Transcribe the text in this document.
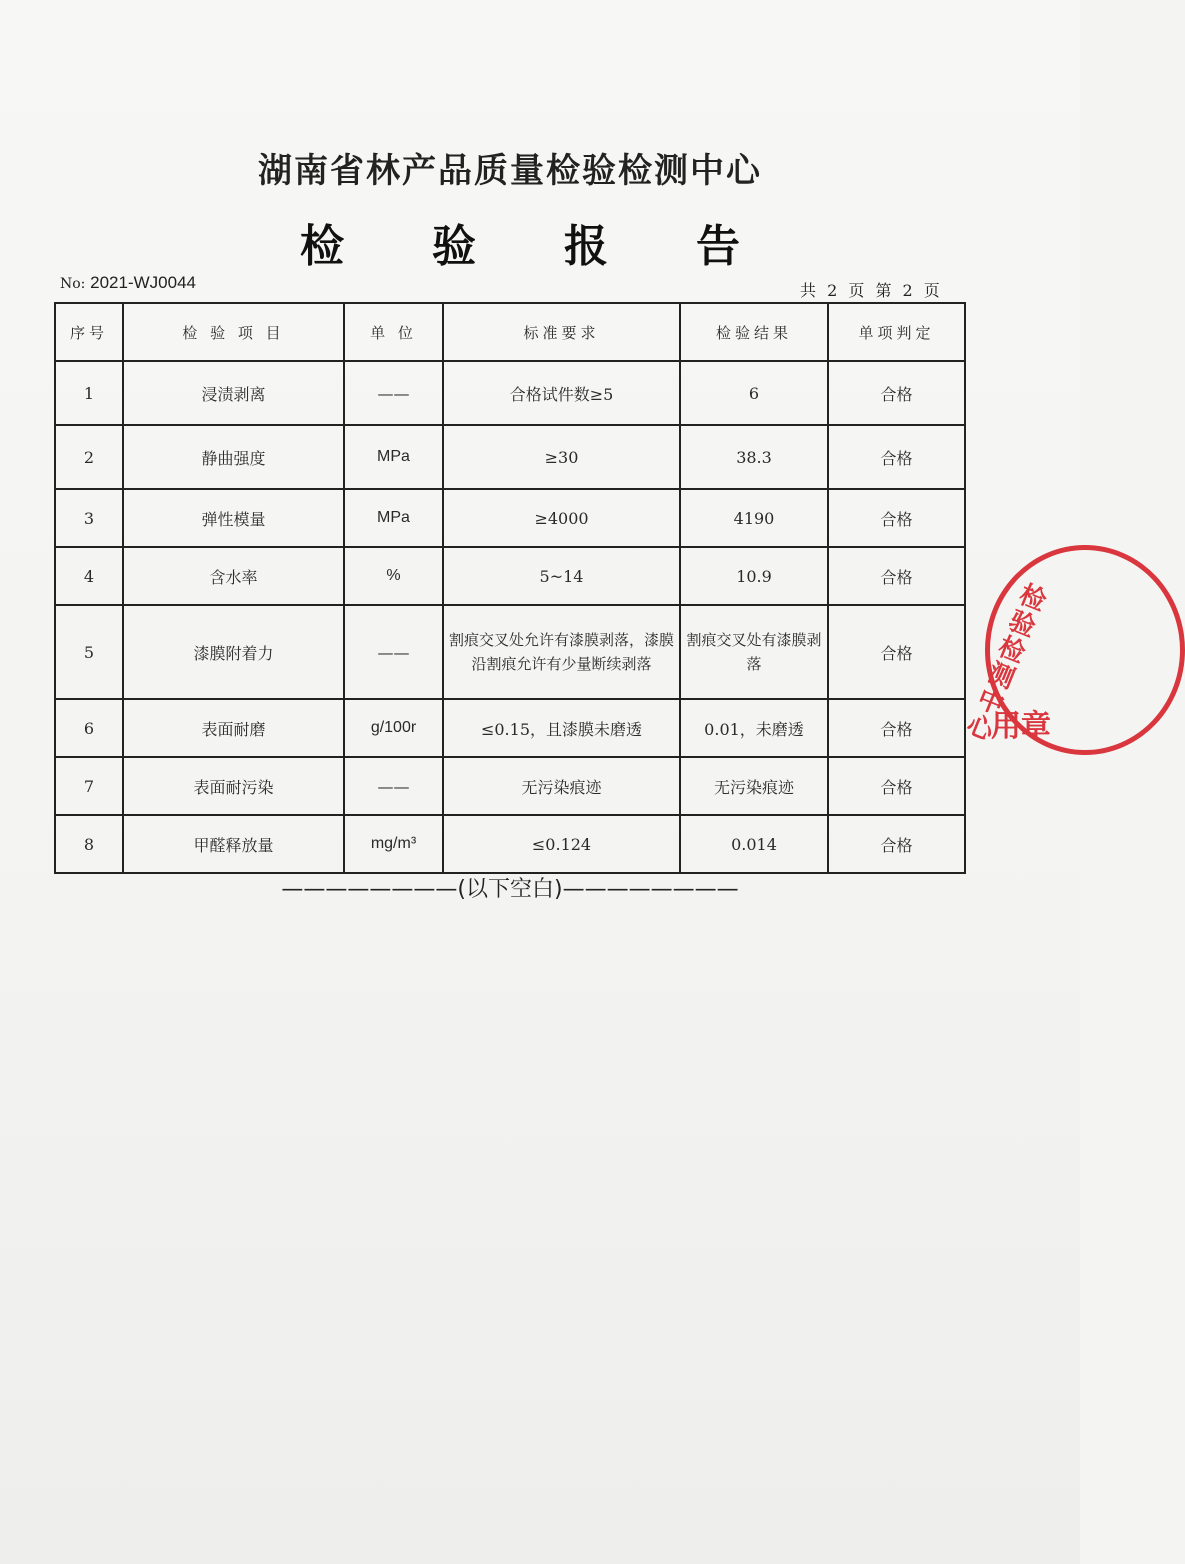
湖南省林产品质量检验检测中心
检 验 报 告
No: 2021-WJ0044	共 2 页 第 2 页
序号	检 验 项 目	单 位	标准要求	检验结果	单项判定
1	浸渍剥离	——	合格试件数≥5	6	合格
2	静曲强度	MPa	≥30	38.3	合格
3	弹性模量	MPa	≥4000	4190	合格
4	含水率	%	5~14	10.9	合格
5	漆膜附着力	——	割痕交叉处允许有漆膜剥落，漆膜沿割痕允许有少量断续剥落	割痕交叉处有漆膜剥落	合格
6	表面耐磨	g/100r	≤0.15，且漆膜未磨透	0.01，未磨透	合格
7	表面耐污染	——	无污染痕迹	无污染痕迹	合格
8	甲醛释放量	mg/m³	≤0.124	0.014	合格
————————(以下空白)————————
检验检测中心
用章
